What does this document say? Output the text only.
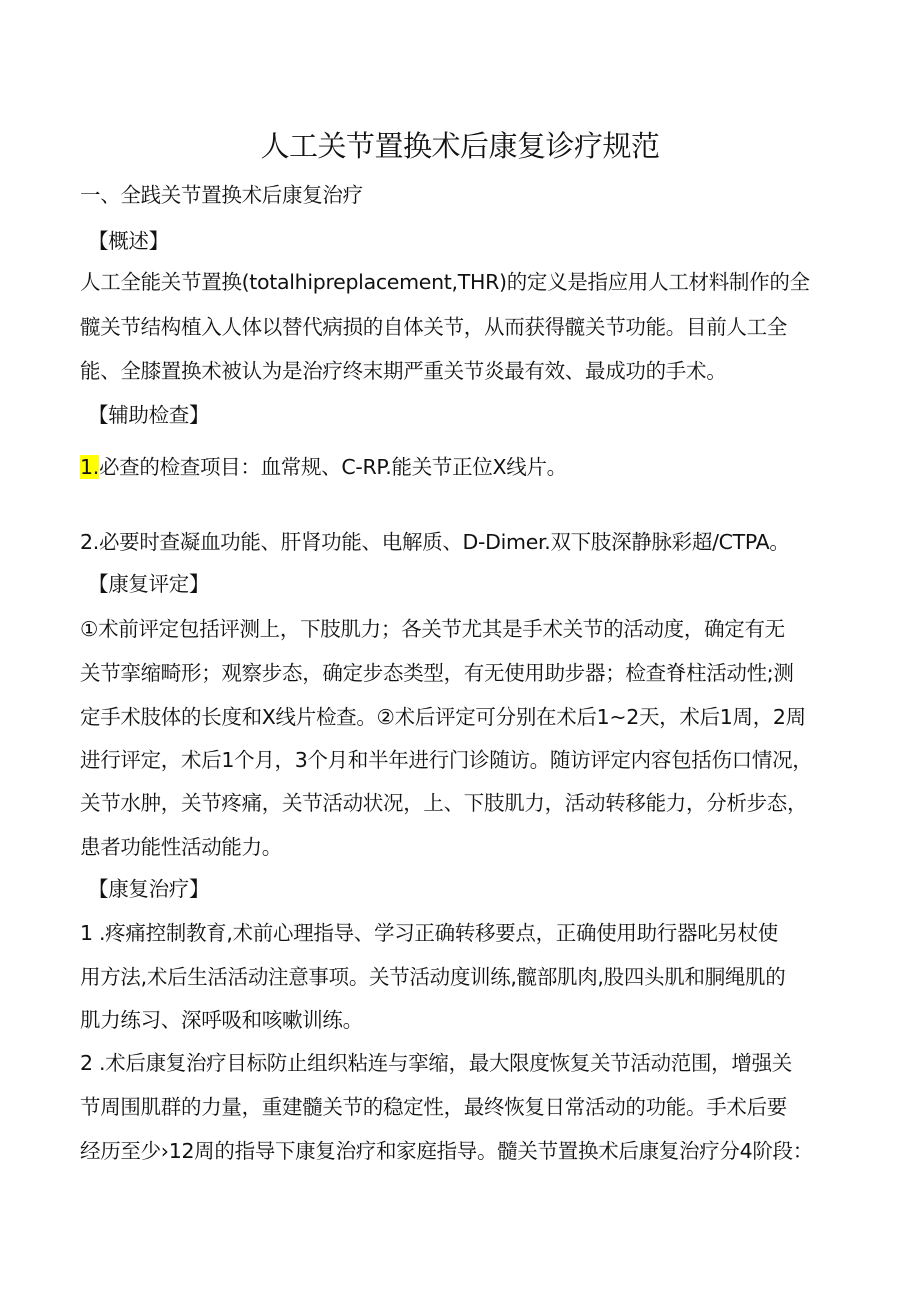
人工关节置换术后康复诊疗规范
一、全践关节置换术后康复治疗
【概述】
人工全能关节置换(totalhipreplacement,THR)的定义是指应用人工材料制作的全
髋关节结构植入人体以替代病损的自体关节，从而获得髋关节功能。目前人工全
能、全膝置换术被认为是治疗终末期严重关节炎最有效、最成功的手术。
【辅助检查】
1.必查的检查项目：血常规、C-RP.能关节正位X线片。
2.必要时查凝血功能、肝肾功能、电解质、D-Dimer.双下肢深静脉彩超/CTPA。
【康复评定】
①术前评定包括评测上，下肢肌力；各关节尤其是手术关节的活动度，确定有无
关节挛缩畸形；观察步态，确定步态类型，有无使用助步器；检查脊柱活动性;测
定手术肢体的长度和X线片检查。②术后评定可分别在术后1~2天，术后1周，2周
进行评定，术后1个月，3个月和半年进行门诊随访。随访评定内容包括伤口情况，
关节水肿，关节疼痛，关节活动状况，上、下肢肌力，活动转移能力，分析步态，
患者功能性活动能力。
【康复治疗】
1 .疼痛控制教育,术前心理指导、学习正确转移要点，正确使用助行器叱另杖使
用方法,术后生活活动注意事项。关节活动度训练,髋部肌肉,股四头肌和胴绳肌的
肌力练习、深呼吸和咳嗽训练。
2 .术后康复治疗目标防止组织粘连与挛缩，最大限度恢复关节活动范围，增强关
节周围肌群的力量，重建髓关节的稳定性，最终恢复日常活动的功能。手术后要
经历至少›12周的指导下康复治疗和家庭指导。髓关节置换术后康复治疗分4阶段：
